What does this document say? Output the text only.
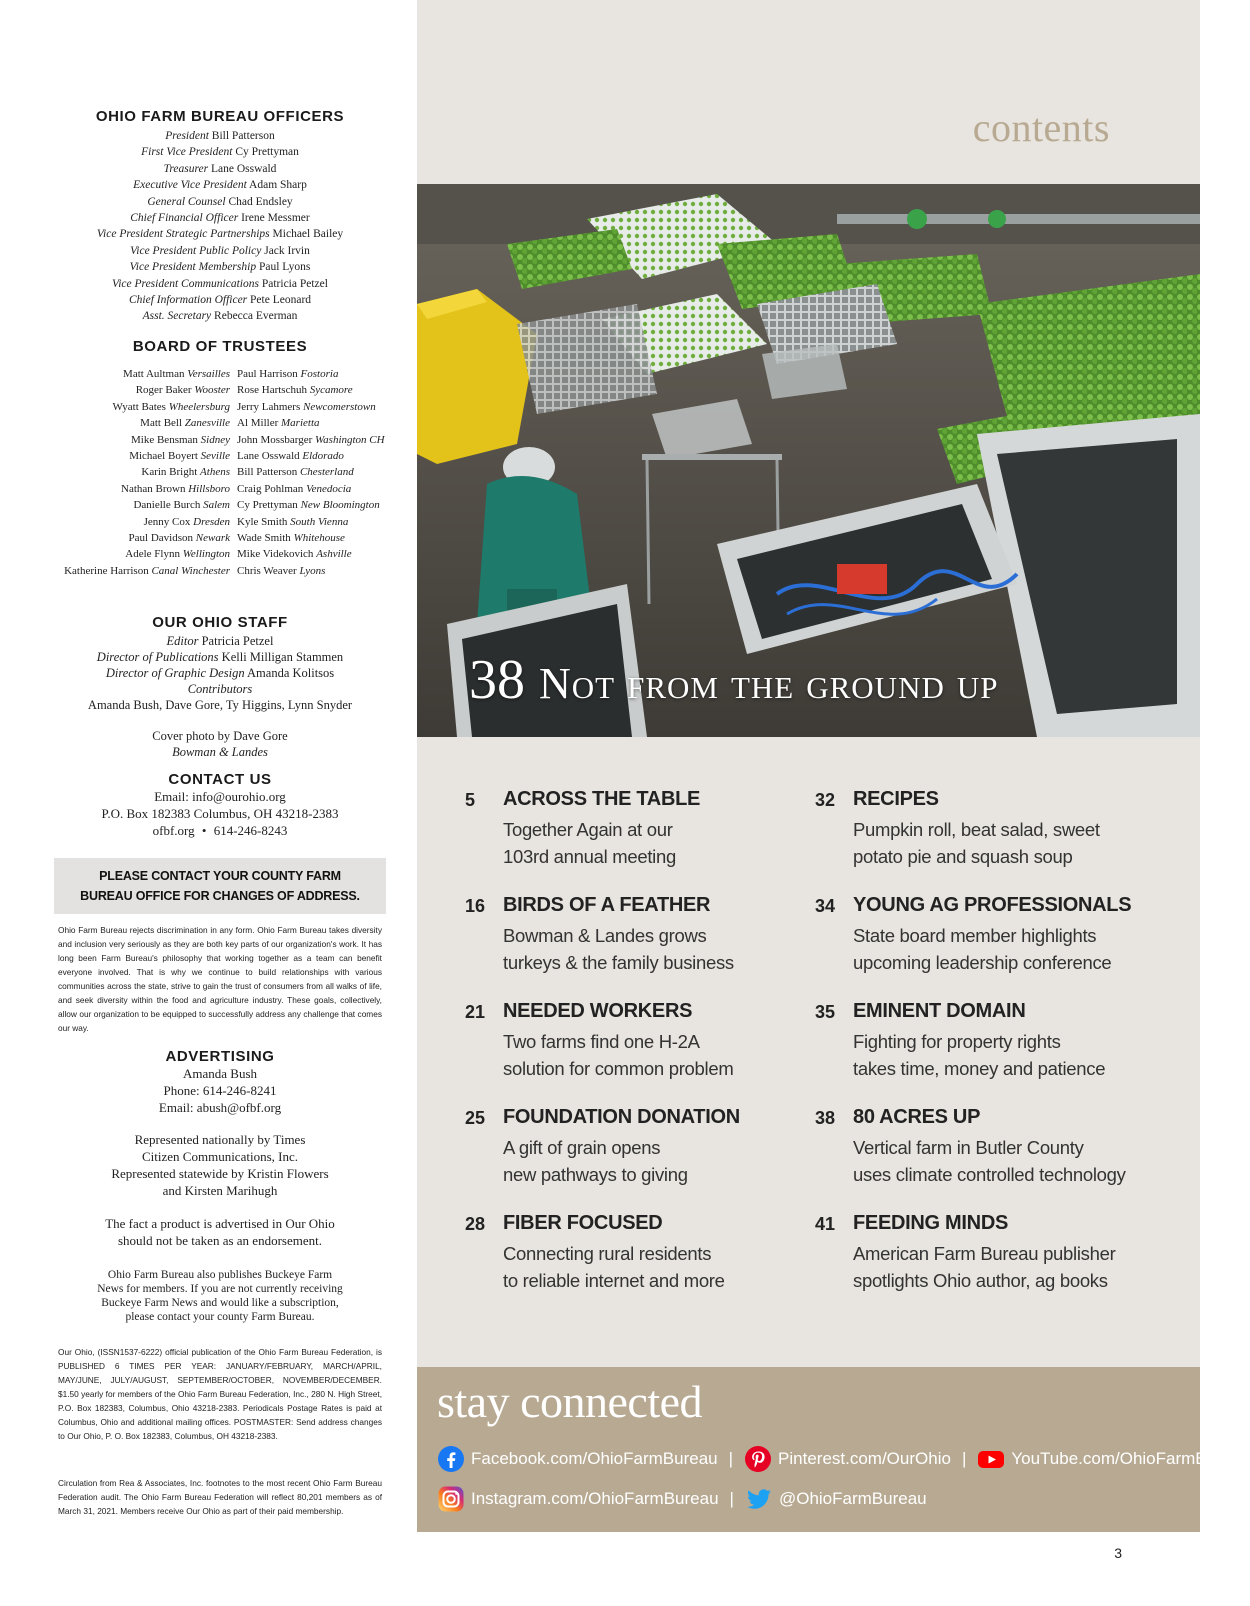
OHIO FARM BUREAU OFFICERS
President Bill Patterson
First Vice President Cy Prettyman
Treasurer Lane Osswald
Executive Vice President Adam Sharp
General Counsel Chad Endsley
Chief Financial Officer Irene Messmer
Vice President Strategic Partnerships Michael Bailey
Vice President Public Policy Jack Irvin
Vice President Membership Paul Lyons
Vice President Communications Patricia Petzel
Chief Information Officer Pete Leonard
Asst. Secretary Rebecca Everman
BOARD OF TRUSTEES
Matt Aultman Versailles
Roger Baker Wooster
Wyatt Bates Wheelersburg
Matt Bell Zanesville
Mike Bensman Sidney
Michael Boyert Seville
Karin Bright Athens
Nathan Brown Hillsboro
Danielle Burch Salem
Jenny Cox Dresden
Paul Davidson Newark
Adele Flynn Wellington
Katherine Harrison Canal Winchester
Paul Harrison Fostoria
Rose Hartschuh Sycamore
Jerry Lahmers Newcomerstown
Al Miller Marietta
John Mossbarger Washington CH
Lane Osswald Eldorado
Bill Patterson Chesterland
Craig Pohlman Venedocia
Cy Prettyman New Bloomington
Kyle Smith South Vienna
Wade Smith Whitehouse
Mike Videkovich Ashville
Chris Weaver Lyons
OUR OHIO STAFF
Editor Patricia Petzel
Director of Publications Kelli Milligan Stammen
Director of Graphic Design Amanda Kolitsos
Contributors
Amanda Bush, Dave Gore, Ty Higgins, Lynn Snyder
Cover photo by Dave Gore
Bowman & Landes
CONTACT US
Email: info@ourohio.org
P.O. Box 182383 Columbus, OH 43218-2383
ofbf.org • 614-246-8243
PLEASE CONTACT YOUR COUNTY FARM
BUREAU OFFICE FOR CHANGES OF ADDRESS.
Ohio Farm Bureau rejects discrimination in any form. Ohio Farm Bureau takes diversity and inclusion very seriously as they are both key parts of our organization's work. It has long been Farm Bureau's philosophy that working together as a team can benefit everyone involved. That is why we continue to build relationships with various communities across the state, strive to gain the trust of consumers from all walks of life, and seek diversity within the food and agriculture industry. These goals, collectively, allow our organization to be equipped to successfully address any challenge that comes our way.
ADVERTISING
Amanda Bush
Phone: 614-246-8241
Email: abush@ofbf.org
Represented nationally by Times
Citizen Communications, Inc.
Represented statewide by Kristin Flowers
and Kirsten Marihugh
The fact a product is advertised in Our Ohio
should not be taken as an endorsement.
Ohio Farm Bureau also publishes Buckeye Farm
News for members. If you are not currently receiving
Buckeye Farm News and would like a subscription,
please contact your county Farm Bureau.
Our Ohio, (ISSN1537-6222) official publication of the Ohio Farm Bureau Federation, is PUBLISHED 6 TIMES PER YEAR: JANUARY/FEBRUARY, MARCH/APRIL, MAY/JUNE, JULY/AUGUST, SEPTEMBER/OCTOBER, NOVEMBER/DECEMBER. $1.50 yearly for members of the Ohio Farm Bureau Federation, Inc., 280 N. High Street, P.O. Box 182383, Columbus, Ohio 43218-2383. Periodicals Postage Rates is paid at Columbus, Ohio and additional mailing offices. POSTMASTER: Send address changes to Our Ohio, P. O. Box 182383, Columbus, OH 43218-2383.
Circulation from Rea & Associates, Inc. footnotes to the most recent Ohio Farm Bureau Federation audit. The Ohio Farm Bureau Federation will reflect 80,201 members as of March 31, 2021. Members receive Our Ohio as part of their paid membership.
contents
38 Not from the ground up
5 ACROSS THE TABLE
Together Again at our
103rd annual meeting
16 BIRDS OF A FEATHER
Bowman & Landes grows
turkeys & the family business
21 NEEDED WORKERS
Two farms find one H-2A
solution for common problem
25 FOUNDATION DONATION
A gift of grain opens
new pathways to giving
28 FIBER FOCUSED
Connecting rural residents
to reliable internet and more
32 RECIPES
Pumpkin roll, beat salad, sweet
potato pie and squash soup
34 YOUNG AG PROFESSIONALS
State board member highlights
upcoming leadership conference
35 EMINENT DOMAIN
Fighting for property rights
takes time, money and patience
38 80 ACRES UP
Vertical farm in Butler County
uses climate controlled technology
41 FEEDING MINDS
American Farm Bureau publisher
spotlights Ohio author, ag books
stay connected
Facebook.com/OhioFarmBureau |	Pinterest.com/OurOhio |	YouTube.com/OhioFarmBureau
Instagram.com/OhioFarmBureau |	@OhioFarmBureau
3
